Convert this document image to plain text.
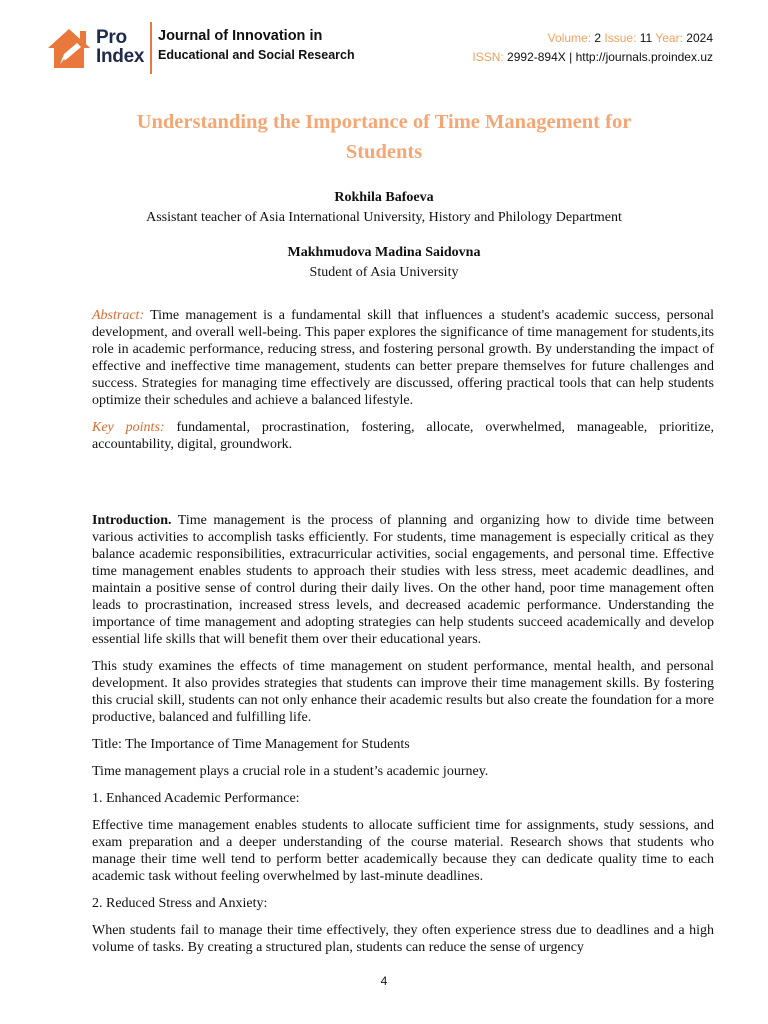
Pro
Index
Journal of Innovation in
Educational and Social Research
Volume: 2 Issue: 11 Year: 2024
ISSN: 2992-894X | http://journals.proindex.uz
Understanding the Importance of Time Management for
Students
Rokhila Bafoeva
Assistant teacher of Asia International University, History and Philology Department
Makhmudova Madina Saidovna
Student of Asia University

Abstract: Time management is a fundamental skill that influences a student's academic success, personal development, and overall well-being. This paper explores the significance of time management for students,its role in academic performance, reducing stress, and fostering personal growth. By understanding the impact of effective and ineffective time management, students can better prepare themselves for future challenges and success. Strategies for managing time effectively are discussed, offering practical tools that can help students optimize their schedules and achieve a balanced lifestyle.

Key points: fundamental, procrastination, fostering, allocate, overwhelmed, manageable, prioritize, accountability, digital, groundwork.

Introduction. Time management is the process of planning and organizing how to divide time between various activities to accomplish tasks efficiently. For students, time management is especially critical as they balance academic responsibilities, extracurricular activities, social engagements, and personal time. Effective time management enables students to approach their studies with less stress, meet academic deadlines, and maintain a positive sense of control during their daily lives. On the other hand, poor time management often leads to procrastination, increased stress levels, and decreased academic performance. Understanding the importance of time management and adopting strategies can help students succeed academically and develop essential life skills that will benefit them over their educational years.

This study examines the effects of time management on student performance, mental health, and personal development. It also provides strategies that students can improve their time management skills. By fostering this crucial skill, students can not only enhance their academic results but also create the foundation for a more productive, balanced and fulfilling life.

Title: The Importance of Time Management for Students

Time management plays a crucial role in a student’s academic journey.

1. Enhanced Academic Performance:

Effective time management enables students to allocate sufficient time for assignments, study sessions, and exam preparation and a deeper understanding of the course material. Research shows that students who manage their time well tend to perform better academically because they can dedicate quality time to each academic task without feeling overwhelmed by last-minute deadlines.

2. Reduced Stress and Anxiety:

When students fail to manage their time effectively, they often experience stress due to deadlines and a high volume of tasks. By creating a structured plan, students can reduce the sense of urgency

4
